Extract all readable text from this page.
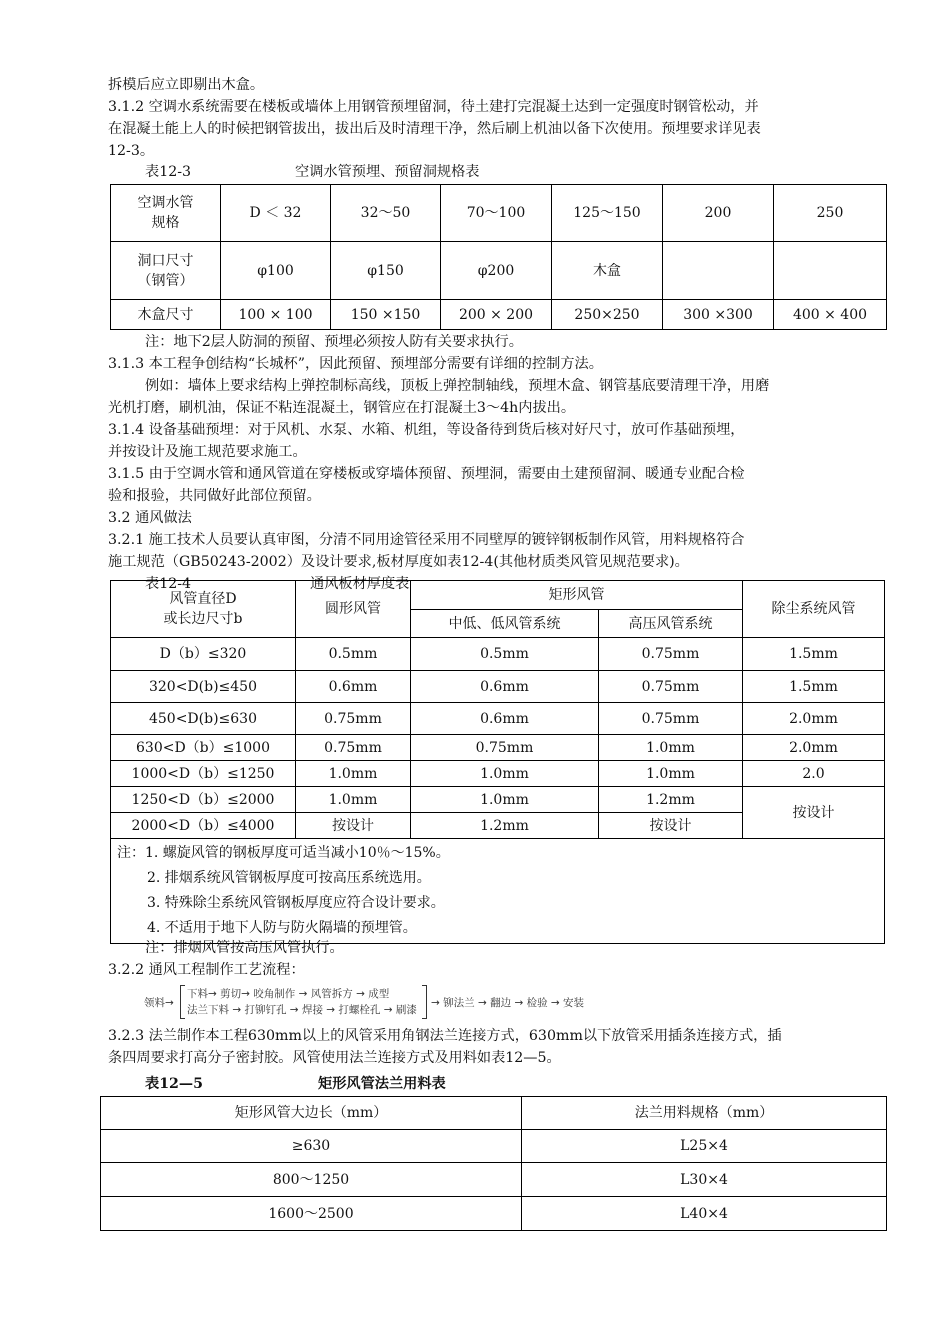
拆模后应立即剔出木盒。
3.1.2 空调水系统需要在楼板或墙体上用钢管预埋留洞，待土建打完混凝土达到一定强度时钢管松动，并
在混凝土能上人的时候把钢管拔出，拔出后及时清理干净，然后刷上机油以备下次使用。预埋要求详见表
12-3。
表12-3	空调水管预埋、预留洞规格表
空调水管
规格	D ＜ 32	32～50	70～100	125～150	200	250
洞口尺寸
（钢管）	φ100	φ150	φ200	木盒		
木盒尺寸	100 × 100	150 ×150	200 × 200	250×250	300 ×300	400 × 400
注：地下2层人防洞的预留、预埋必须按人防有关要求执行。
3.1.3 本工程争创结构“长城杯”，因此预留、预埋部分需要有详细的控制方法。
例如：墙体上要求结构上弹控制标高线，顶板上弹控制轴线，预埋木盒、钢管基底要清理干净，用磨
光机打磨，刷机油，保证不粘连混凝土，钢管应在打混凝土3～4h内拔出。
3.1.4 设备基础预埋：对于风机、水泵、水箱、机组，等设备待到货后核对好尺寸，放可作基础预埋，
并按设计及施工规范要求施工。
3.1.5 由于空调水管和通风管道在穿楼板或穿墙体预留、预埋洞，需要由土建预留洞、暖通专业配合检
验和报验，共同做好此部位预留。
3.2 通风做法
3.2.1 施工技术人员要认真审图，分清不同用途管径采用不同壁厚的镀锌钢板制作风管，用料规格符合
施工规范（GB50243-2002）及设计要求,板材厚度如表12-4(其他材质类风管见规范要求)。
表12-4	通风板材厚度表
风管直径D
或长边尺寸b	圆形风管	矩形风管		除尘系统风管
		中低、低风管系统	高压风管系统	
D（b）≤320	0.5mm	0.5mm	0.75mm	1.5mm
320<D(b)≤450	0.6mm	0.6mm	0.75mm	1.5mm
450<D(b)≤630	0.75mm	0.6mm	0.75mm	2.0mm
630<D（b）≤1000	0.75mm	0.75mm	1.0mm	2.0mm
1000<D（b）≤1250	1.0mm	1.0mm	1.0mm	2.0
1250<D（b）≤2000	1.0mm	1.0mm	1.2mm	按设计
2000<D（b）≤4000	按设计	1.2mm	按设计	

注：1. 螺旋风管的钢板厚度可适当减小10％～15%。
2. 排烟系统风管钢板厚度可按高压系统选用。
3. 特殊除尘系统风管钢板厚度应符合设计要求。
4. 不适用于地下人防与防火隔墙的预埋管。				
注：排烟风管按高压风管执行。
3.2.2 通风工程制作工艺流程：
领料→
下料→ 剪切→ 咬角制作 → 风管拆方 → 成型
法兰下料 → 打铆钉孔 → 焊接 → 打螺栓孔 → 刷漆
→ 铆法兰 → 翻边 → 检验 → 安装
3.2.3 法兰制作本工程630mm以上的风管采用角钢法兰连接方式，630mm以下放管采用插条连接方式，插
条四周要求打高分子密封胶。风管使用法兰连接方式及用料如表12—5。
表12—5	矩形风管法兰用料表
矩形风管大边长（mm）	法兰用料规格（mm）
≥630	L25×4
800～1250	L30×4
1600～2500	L40×4
